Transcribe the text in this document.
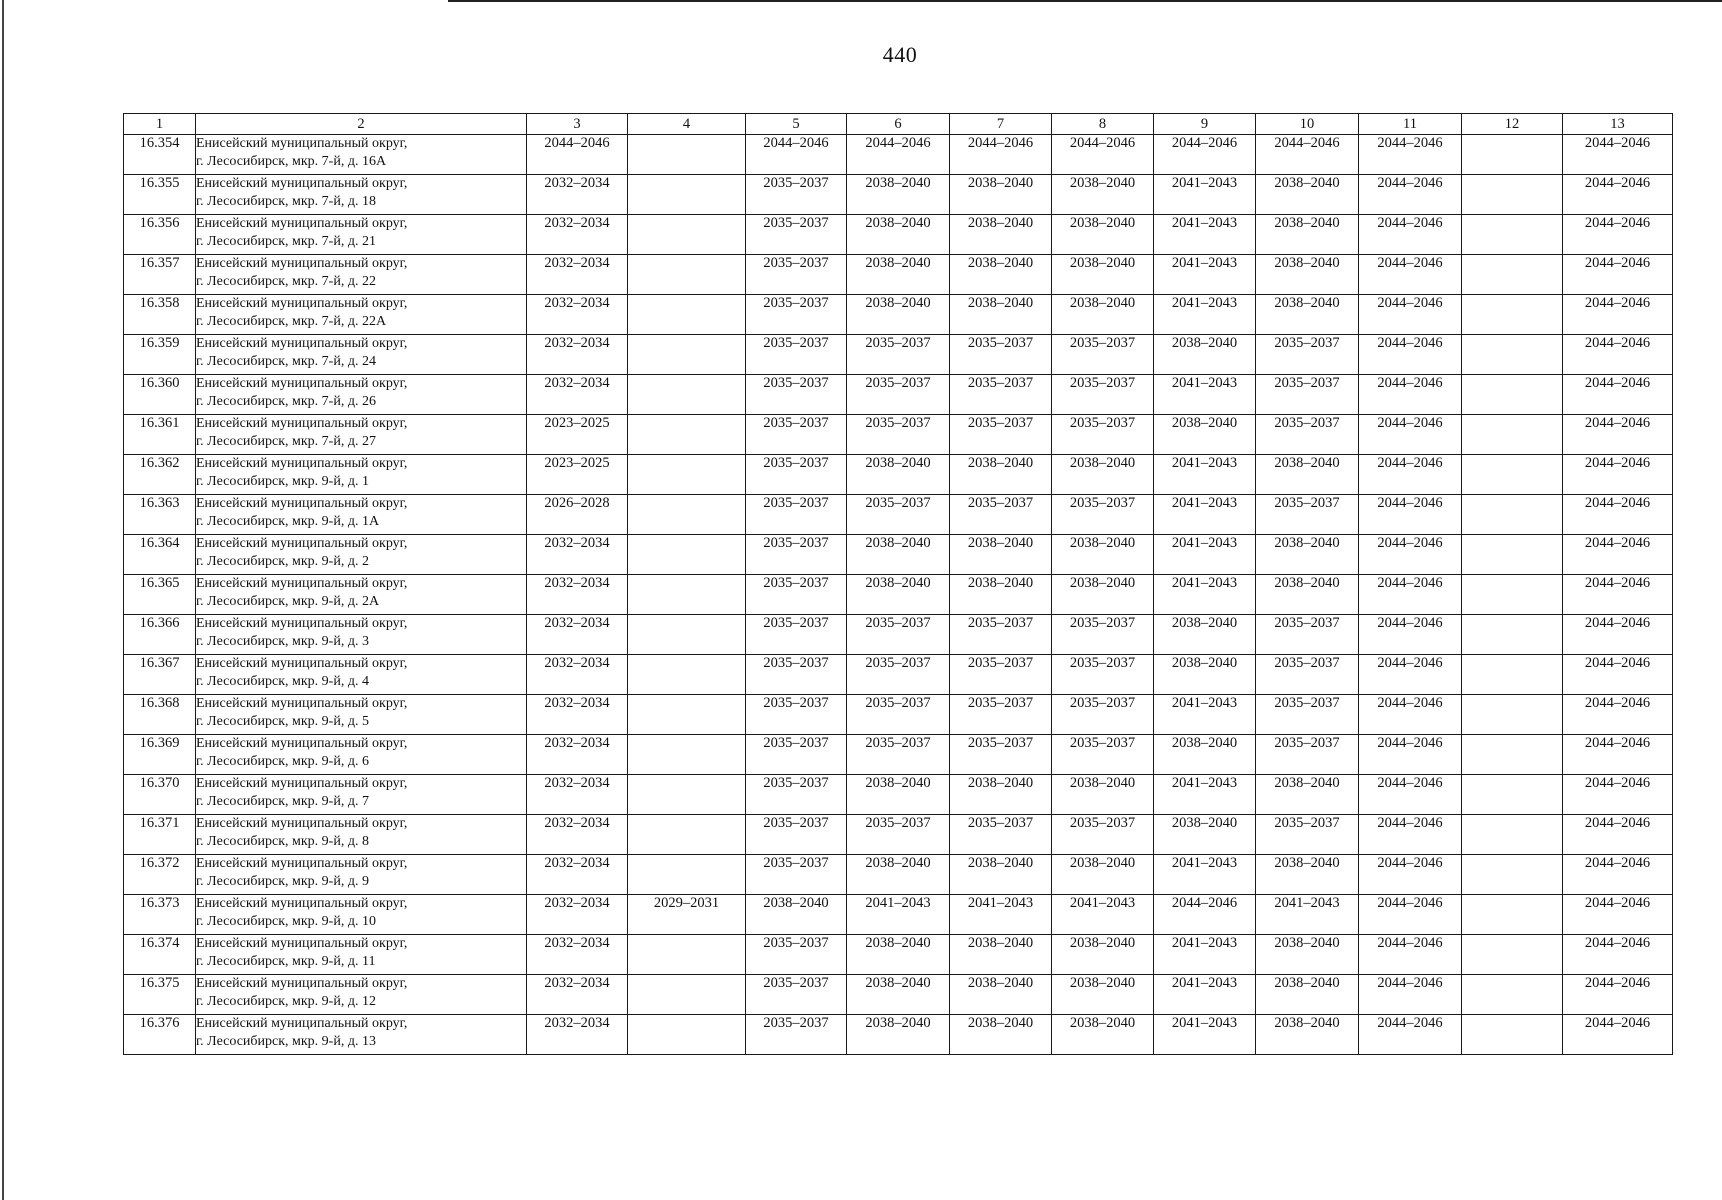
440
1	2	3	4	5	6	7	8	9	10	11	12	13
16.354	Енисейский муниципальный округ,
г. Лесосибирск, мкр. 7-й, д. 16А	2044–2046		2044–2046	2044–2046	2044–2046	2044–2046	2044–2046	2044–2046	2044–2046		2044–2046
16.355	Енисейский муниципальный округ,
г. Лесосибирск, мкр. 7-й, д. 18	2032–2034		2035–2037	2038–2040	2038–2040	2038–2040	2041–2043	2038–2040	2044–2046		2044–2046
16.356	Енисейский муниципальный округ,
г. Лесосибирск, мкр. 7-й, д. 21	2032–2034		2035–2037	2038–2040	2038–2040	2038–2040	2041–2043	2038–2040	2044–2046		2044–2046
16.357	Енисейский муниципальный округ,
г. Лесосибирск, мкр. 7-й, д. 22	2032–2034		2035–2037	2038–2040	2038–2040	2038–2040	2041–2043	2038–2040	2044–2046		2044–2046
16.358	Енисейский муниципальный округ,
г. Лесосибирск, мкр. 7-й, д. 22А	2032–2034		2035–2037	2038–2040	2038–2040	2038–2040	2041–2043	2038–2040	2044–2046		2044–2046
16.359	Енисейский муниципальный округ,
г. Лесосибирск, мкр. 7-й, д. 24	2032–2034		2035–2037	2035–2037	2035–2037	2035–2037	2038–2040	2035–2037	2044–2046		2044–2046
16.360	Енисейский муниципальный округ,
г. Лесосибирск, мкр. 7-й, д. 26	2032–2034		2035–2037	2035–2037	2035–2037	2035–2037	2041–2043	2035–2037	2044–2046		2044–2046
16.361	Енисейский муниципальный округ,
г. Лесосибирск, мкр. 7-й, д. 27	2023–2025		2035–2037	2035–2037	2035–2037	2035–2037	2038–2040	2035–2037	2044–2046		2044–2046
16.362	Енисейский муниципальный округ,
г. Лесосибирск, мкр. 9-й, д. 1	2023–2025		2035–2037	2038–2040	2038–2040	2038–2040	2041–2043	2038–2040	2044–2046		2044–2046
16.363	Енисейский муниципальный округ,
г. Лесосибирск, мкр. 9-й, д. 1А	2026–2028		2035–2037	2035–2037	2035–2037	2035–2037	2041–2043	2035–2037	2044–2046		2044–2046
16.364	Енисейский муниципальный округ,
г. Лесосибирск, мкр. 9-й, д. 2	2032–2034		2035–2037	2038–2040	2038–2040	2038–2040	2041–2043	2038–2040	2044–2046		2044–2046
16.365	Енисейский муниципальный округ,
г. Лесосибирск, мкр. 9-й, д. 2А	2032–2034		2035–2037	2038–2040	2038–2040	2038–2040	2041–2043	2038–2040	2044–2046		2044–2046
16.366	Енисейский муниципальный округ,
г. Лесосибирск, мкр. 9-й, д. 3	2032–2034		2035–2037	2035–2037	2035–2037	2035–2037	2038–2040	2035–2037	2044–2046		2044–2046
16.367	Енисейский муниципальный округ,
г. Лесосибирск, мкр. 9-й, д. 4	2032–2034		2035–2037	2035–2037	2035–2037	2035–2037	2038–2040	2035–2037	2044–2046		2044–2046
16.368	Енисейский муниципальный округ,
г. Лесосибирск, мкр. 9-й, д. 5	2032–2034		2035–2037	2035–2037	2035–2037	2035–2037	2041–2043	2035–2037	2044–2046		2044–2046
16.369	Енисейский муниципальный округ,
г. Лесосибирск, мкр. 9-й, д. 6	2032–2034		2035–2037	2035–2037	2035–2037	2035–2037	2038–2040	2035–2037	2044–2046		2044–2046
16.370	Енисейский муниципальный округ,
г. Лесосибирск, мкр. 9-й, д. 7	2032–2034		2035–2037	2038–2040	2038–2040	2038–2040	2041–2043	2038–2040	2044–2046		2044–2046
16.371	Енисейский муниципальный округ,
г. Лесосибирск, мкр. 9-й, д. 8	2032–2034		2035–2037	2035–2037	2035–2037	2035–2037	2038–2040	2035–2037	2044–2046		2044–2046
16.372	Енисейский муниципальный округ,
г. Лесосибирск, мкр. 9-й, д. 9	2032–2034		2035–2037	2038–2040	2038–2040	2038–2040	2041–2043	2038–2040	2044–2046		2044–2046
16.373	Енисейский муниципальный округ,
г. Лесосибирск, мкр. 9-й, д. 10	2032–2034	2029–2031	2038–2040	2041–2043	2041–2043	2041–2043	2044–2046	2041–2043	2044–2046		2044–2046
16.374	Енисейский муниципальный округ,
г. Лесосибирск, мкр. 9-й, д. 11	2032–2034		2035–2037	2038–2040	2038–2040	2038–2040	2041–2043	2038–2040	2044–2046		2044–2046
16.375	Енисейский муниципальный округ,
г. Лесосибирск, мкр. 9-й, д. 12	2032–2034		2035–2037	2038–2040	2038–2040	2038–2040	2041–2043	2038–2040	2044–2046		2044–2046
16.376	Енисейский муниципальный округ,
г. Лесосибирск, мкр. 9-й, д. 13	2032–2034		2035–2037	2038–2040	2038–2040	2038–2040	2041–2043	2038–2040	2044–2046		2044–2046
